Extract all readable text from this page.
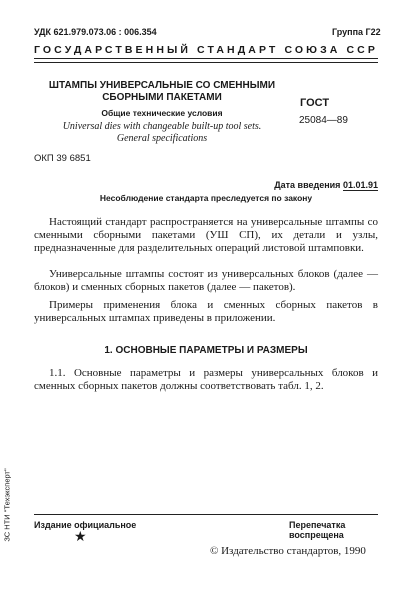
УДК 621.979.073.06 : 006.354	Группа Г22
ГОСУДАРСТВЕННЫЙ СТАНДАРТ СОЮЗА ССР
ШТАМПЫ УНИВЕРСАЛЬНЫЕ СО СМЕННЫМИ
СБОРНЫМИ ПАКЕТАМИ
Общие технические условия
Universal dies with changeable built-up tool sets.
General specifications
ГОСТ
25084—89
ОКП 39 6851
Дата введения 01.01.91
Несоблюдение стандарта преследуется по закону

Настоящий стандарт распространяется на универсальные штампы со сменными сборными пакетами (УШ СП), их детали и узлы, предназначенные для разделительных операций листовой штамповки.

Универсальные штампы состоят из универсальных блоков (далее — блоков) и сменных сборных пакетов (далее — пакетов).

Примеры применения блока и сменных сборных пакетов в универсальных штампах приведены в приложении.

1. ОСНОВНЫЕ ПАРАМЕТРЫ И РАЗМЕРЫ

1.1. Основные параметры и размеры универсальных блоков и сменных сборных пакетов должны соответствовать табл. 1, 2.

ЗС НТИ "Техэксперт"	Издание официальное	Перепечатка воспрещена
★
© Издательство стандартов, 1990
